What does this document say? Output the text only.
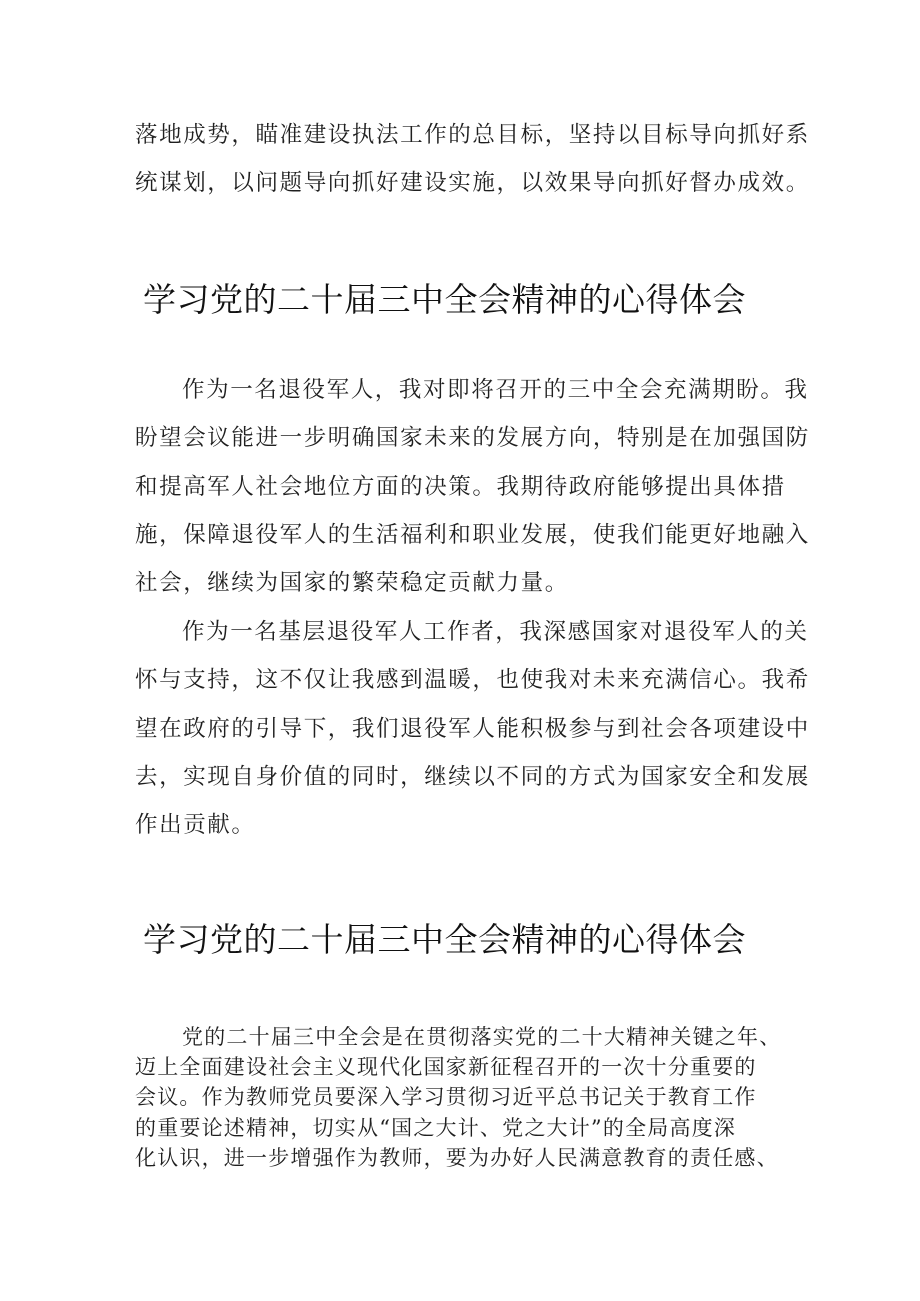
落地成势，瞄准建设执法工作的总目标，坚持以目标导向抓好系
统谋划，以问题导向抓好建设实施，以效果导向抓好督办成效。
学习党的二十届三中全会精神的心得体会
作为一名退役军人，我对即将召开的三中全会充满期盼。我
盼望会议能进一步明确国家未来的发展方向，特别是在加强国防
和提高军人社会地位方面的决策。我期待政府能够提出具体措
施，保障退役军人的生活福利和职业发展，使我们能更好地融入
社会，继续为国家的繁荣稳定贡献力量。
作为一名基层退役军人工作者，我深感国家对退役军人的关
怀与支持，这不仅让我感到温暖，也使我对未来充满信心。我希
望在政府的引导下，我们退役军人能积极参与到社会各项建设中
去，实现自身价值的同时，继续以不同的方式为国家安全和发展
作出贡献。
学习党的二十届三中全会精神的心得体会
党的二十届三中全会是在贯彻落实党的二十大精神关键之年、
迈上全面建设社会主义现代化国家新征程召开的一次十分重要的
会议。作为教师党员要深入学习贯彻习近平总书记关于教育工作
的重要论述精神，切实从“国之大计、党之大计”的全局高度深
化认识，进一步增强作为教师，要为办好人民满意教育的责任感、
